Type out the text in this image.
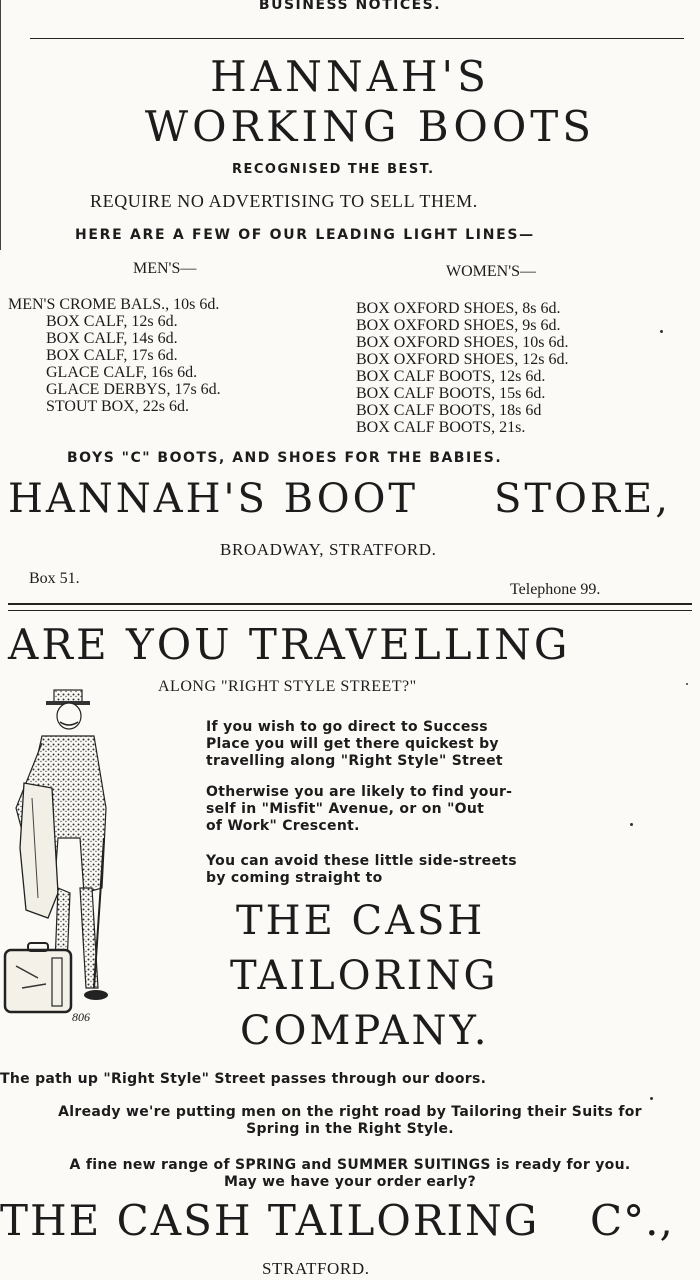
BUSINESS NOTICES.
HANNAH'S
WORKING BOOTS
RECOGNISED THE BEST.
REQUIRE NO ADVERTISING TO SELL THEM.
HERE ARE A FEW OF OUR LEADING LIGHT LINES—
MEN'S—	WOMEN'S—
MEN'S CROME BALS., 10s 6d.
BOX CALF, 12s 6d.
BOX CALF, 14s 6d.
BOX CALF, 17s 6d.
GLACE CALF, 16s 6d.
GLACE DERBYS, 17s 6d.
STOUT BOX, 22s 6d.
BOX OXFORD SHOES, 8s 6d.
BOX OXFORD SHOES, 9s 6d.
BOX OXFORD SHOES, 10s 6d.
BOX OXFORD SHOES, 12s 6d.
BOX CALF BOOTS, 12s 6d.
BOX CALF BOOTS, 15s 6d.
BOX CALF BOOTS, 18s 6d
BOX CALF BOOTS, 21s.
BOYS "C" BOOTS, AND SHOES FOR THE BABIES.
HANNAH'S BOOT STORE,
BROADWAY, STRATFORD.
Box 51.
Telephone 99.
ARE YOU TRAVELLING
ALONG "RIGHT STYLE STREET?"
806
If you wish to go direct to Success
Place you will get there quickest by
travelling along "Right Style" Street
Otherwise you are likely to find your-
self in "Misfit" Avenue, or on "Out
of Work" Crescent.
You can avoid these little side-streets
by coming straight to
THE CASH
TAILORING
COMPANY.
The path up "Right Style" Street passes through our doors.
Already we're putting men on the right road by Tailoring their Suits for
Spring in the Right Style.
A fine new range of SPRING and SUMMER SUITINGS is ready for you.
May we have your order early?
THE CASH TAILORING C°.,
STRATFORD.
